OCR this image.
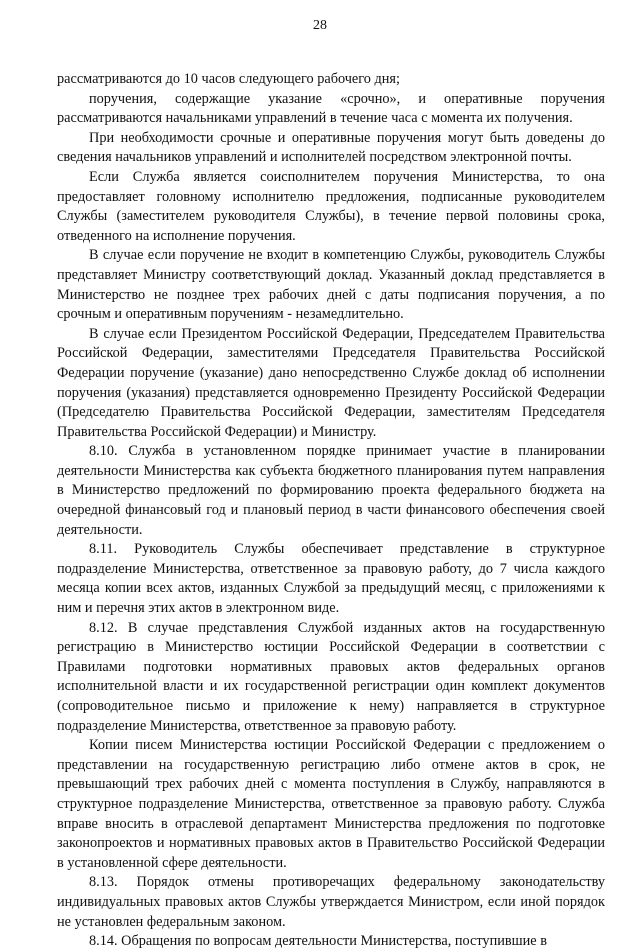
28

рассматриваются до 10 часов следующего рабочего дня;

поручения, содержащие указание «срочно», и оперативные поручения рассматриваются начальниками управлений в течение часа с момента их получения.

При необходимости срочные и оперативные поручения могут быть доведены до сведения начальников управлений и исполнителей посредством электронной почты.

Если Служба является соисполнителем поручения Министерства, то она предоставляет головному исполнителю предложения, подписанные руководителем Службы (заместителем руководителя Службы), в течение первой половины срока, отведенного на исполнение поручения.

В случае если поручение не входит в компетенцию Службы, руководитель Службы представляет Министру соответствующий доклад. Указанный доклад представляется в Министерство не позднее трех рабочих дней с даты подписания поручения, а по срочным и оперативным поручениям - незамедлительно.

В случае если Президентом Российской Федерации, Председателем Правительства Российской Федерации, заместителями Председателя Правительства Российской Федерации поручение (указание) дано непосредственно Службе доклад об исполнении поручения (указания) представляется одновременно Президенту Российской Федерации (Председателю Правительства Российской Федерации, заместителям Председателя Правительства Российской Федерации) и Министру.

8.10. Служба в установленном порядке принимает участие в планировании деятельности Министерства как субъекта бюджетного планирования путем направления в Министерство предложений по формированию проекта федерального бюджета на очередной финансовый год и плановый период в части финансового обеспечения своей деятельности.

8.11. Руководитель Службы обеспечивает представление в структурное подразделение Министерства, ответственное за правовую работу, до 7 числа каждого месяца копии всех актов, изданных Службой за предыдущий месяц, с приложениями к ним и перечня этих актов в электронном виде.

8.12. В случае представления Службой изданных актов на государственную регистрацию в Министерство юстиции Российской Федерации в соответствии с Правилами подготовки нормативных правовых актов федеральных органов исполнительной власти и их государственной регистрации один комплект документов (сопроводительное письмо и приложение к нему) направляется в структурное подразделение Министерства, ответственное за правовую работу.

Копии писем Министерства юстиции Российской Федерации с предложением о представлении на государственную регистрацию либо отмене актов в срок, не превышающий трех рабочих дней с момента поступления в Службу, направляются в структурное подразделение Министерства, ответственное за правовую работу. Служба вправе вносить в отраслевой департамент Министерства предложения по подготовке законопроектов и нормативных правовых актов в Правительство Российской Федерации в установленной сфере деятельности.

8.13. Порядок отмены противоречащих федеральному законодательству индивидуальных правовых актов Службы утверждается Министром, если иной порядок не установлен федеральным законом.

8.14. Обращения по вопросам деятельности Министерства, поступившие в
